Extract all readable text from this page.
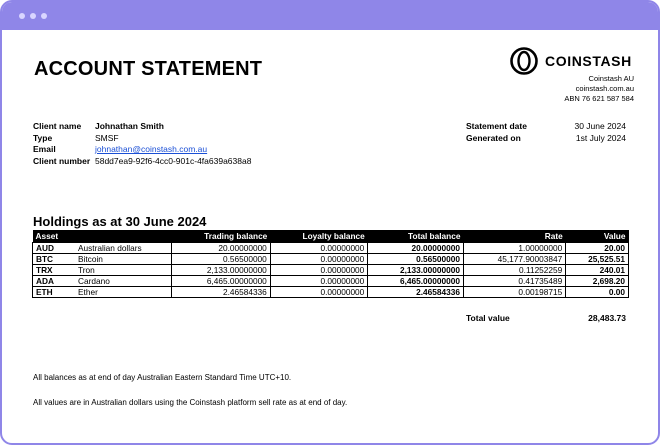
ACCOUNT STATEMENT	COINSTASH
Coinstash AU
coinstash.com.au
ABN 76 621 587 584
Client name	Johnathan Smith
Type	SMSF
Email	johnathan@coinstash.com.au
Client number 58dd7ea9-92f6-4cc0-901c-4fa639a638a8
Statement date	30 June 2024
Generated on	1st July 2024
Holdings as at 30 June 2024
Asset		Trading balance	Loyalty balance	Total balance	Rate	Value
AUD	Australian dollars	20.00000000	0.00000000	20.00000000	1.00000000	20.00
BTC	Bitcoin	0.56500000	0.00000000	0.56500000	45,177.90003847	25,525.51
TRX	Tron	2,133.00000000	0.00000000	2,133.00000000	0.11252259	240.01
ADA	Cardano	6,465.00000000	0.00000000	6,465.00000000	0.41735489	2,698.20
ETH	Ether	2.46584336	0.00000000	2.46584336	0.00198715	0.00
Total value	28,483.73

All balances as at end of day Australian Eastern Standard Time UTC+10.

All values are in Australian dollars using the Coinstash platform sell rate as at end of day.
